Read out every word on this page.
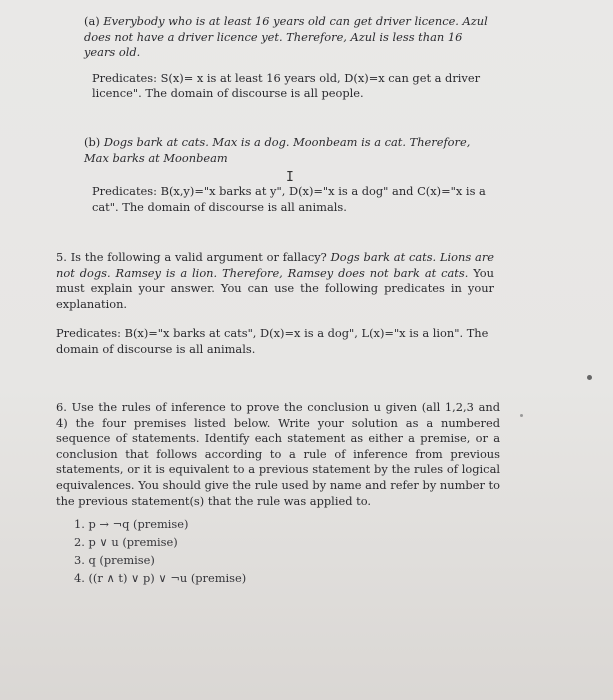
(a) Everybody who is at least 16 years old can get driver licence. Azul does not have a driver licence yet. Therefore, Azul is less than 16 years old.

Predicates: S(x)= x is at least 16 years old, D(x)=x can get a driver licence". The domain of discourse is all people.

(b) Dogs bark at cats. Max is a dog. Moonbeam is a cat. Therefore, Max barks at Moonbeam

Predicates: B(x,y)="x barks at y", D(x)="x is a dog" and C(x)="x is a cat". The domain of discourse is all animals.

I

5. Is the following a valid argument or fallacy? Dogs bark at cats. Lions are not dogs. Ramsey is a lion. Therefore, Ramsey does not bark at cats. You must explain your answer. You can use the following predicates in your explanation.

Predicates: B(x)="x barks at cats", D(x)=x is a dog", L(x)="x is a lion". The domain of discourse is all animals.

6. Use the rules of inference to prove the conclusion u given (all 1,2,3 and 4) the four premises listed below. Write your solution as a numbered sequence of statements. Identify each statement as either a premise, or a conclusion that follows according to a rule of inference from previous statements, or it is equivalent to a previous statement by the rules of logical equivalences. You should give the rule used by name and refer by number to the previous statement(s) that the rule was applied to.

1. p → ¬q (premise)
2. p ∨ u (premise)
3. q (premise)
4. ((r ∧ t) ∨ p) ∨ ¬u (premise)
